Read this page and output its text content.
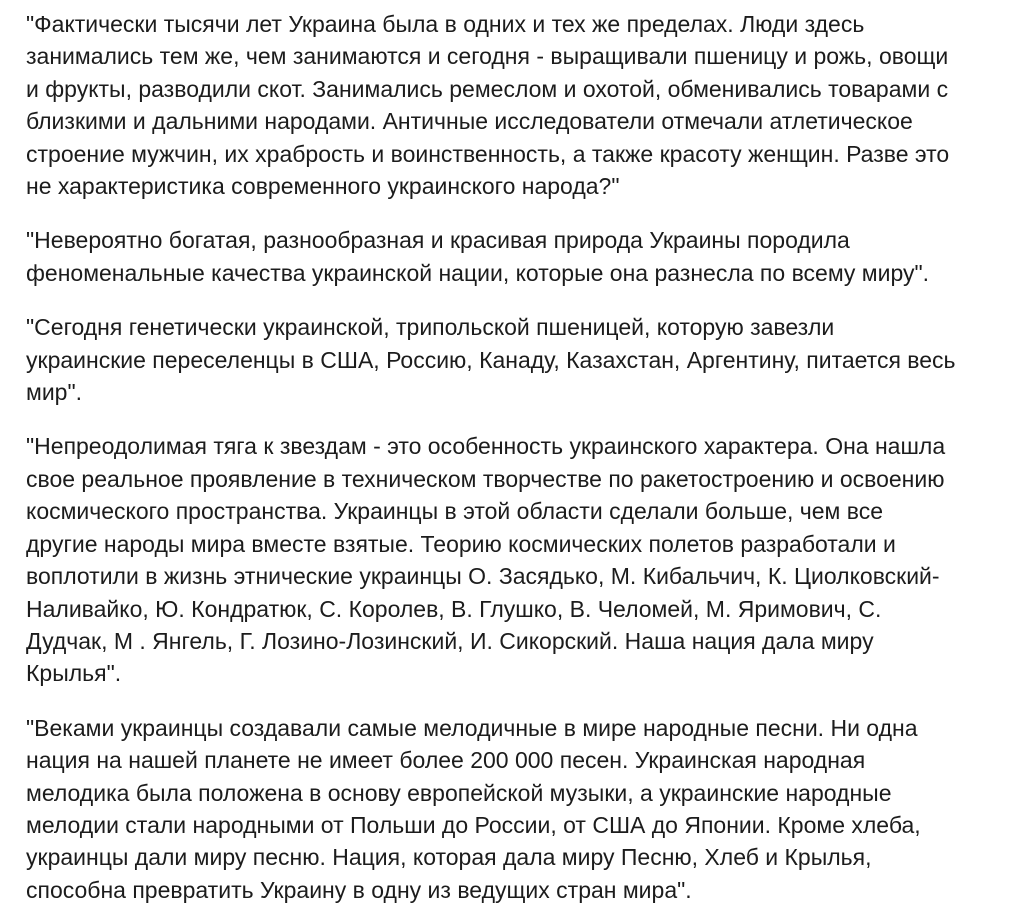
"Фактически тысячи лет Украина была в одних и тех же пределах. Люди здесь
занимались тем же, чем занимаются и сегодня - выращивали пшеницу и рожь, овощи
и фрукты, разводили скот. Занимались ремеслом и охотой, обменивались товарами с
близкими и дальними народами. Античные исследователи отмечали атлетическое
строение мужчин, их храбрость и воинственность, а также красоту женщин. Разве это
не характеристика современного украинского народа?"

"Невероятно богатая, разнообразная и красивая природа Украины породила
феноменальные качества украинской нации, которые она разнесла по всему миру".

"Сегодня генетически украинской, трипольской пшеницей, которую завезли
украинские переселенцы в США, Россию, Канаду, Казахстан, Аргентину, питается весь
мир".

"Непреодолимая тяга к звездам - это особенность украинского характера. Она нашла
свое реальное проявление в техническом творчестве по ракетостроению и освоению
космического пространства. Украинцы в этой области сделали больше, чем все
другие народы мира вместе взятые. Теорию космических полетов разработали и
воплотили в жизнь этнические украинцы О. Засядько, М. Кибальчич, К. Циолковский-
Наливайко, Ю. Кондратюк, С. Королев, В. Глушко, В. Челомей, М. Яримович, С.
Дудчак, М . Янгель, Г. Лозино-Лозинский, И. Сикорский. Наша нация дала миру
Крылья".

"Веками украинцы создавали самые мелодичные в мире народные песни. Ни одна
нация на нашей планете не имеет более 200 000 песен. Украинская народная
мелодика была положена в основу европейской музыки, а украинские народные
мелодии стали народными от Польши до России, от США до Японии. Кроме хлеба,
украинцы дали миру песню. Нация, которая дала миру Песню, Хлеб и Крылья,
способна превратить Украину в одну из ведущих стран мира".
